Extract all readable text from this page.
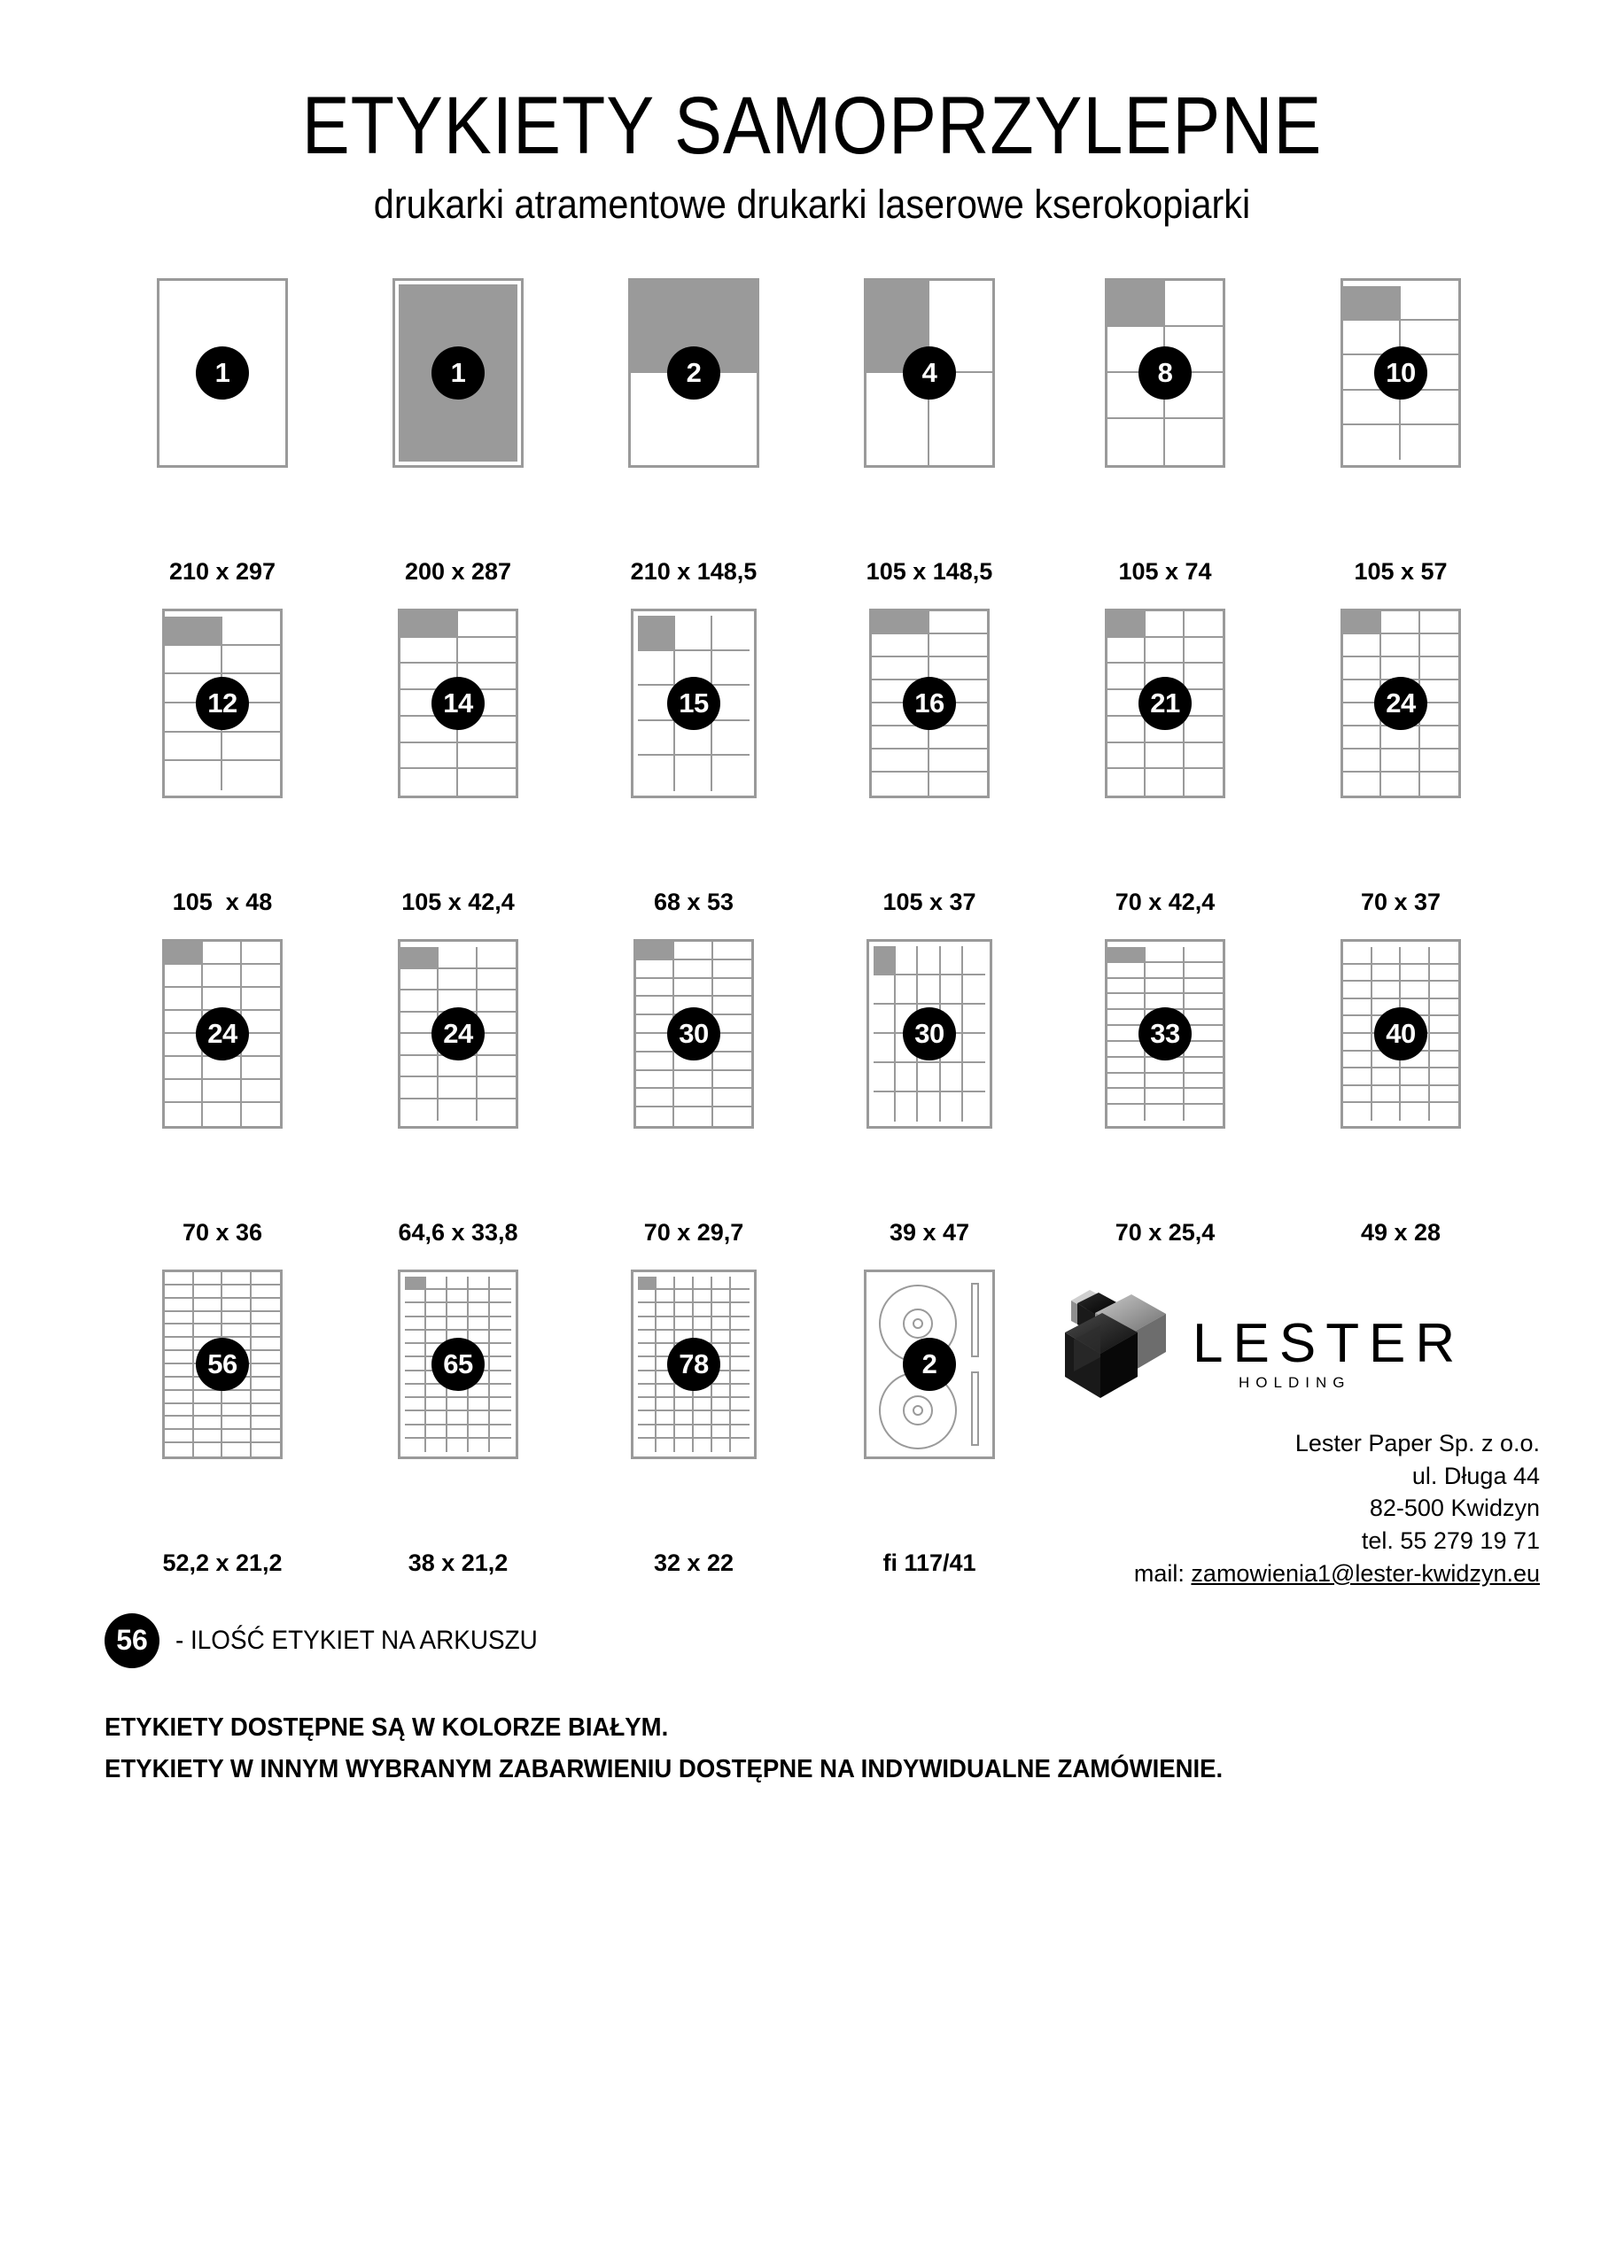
ETYKIETY SAMOPRZYLEPNE
drukarki atramentowe drukarki laserowe kserokopiarki
1
210 x 297
1
200 x 287
2
210 x 148,5
4
105 x 148,5
8
105 x 74
10
105 x 57
12
105  x 48
14
105 x 42,4
15
68 x 53
16
105 x 37
21
70 x 42,4
24
70 x 37
24
70 x 36
24
64,6 x 33,8
30
70 x 29,7
30
39 x 47
33
70 x 25,4
40
49 x 28
56
52,2 x 21,2
65
38 x 21,2
78
32 x 22
2
fi 117/41
LESTER
HOLDING
Lester Paper Sp. z o.o.
ul. Długa 44
82-500 Kwidzyn
tel. 55 279 19 71
mail: zamowienia1@lester-kwidzyn.eu
56	- ILOŚĆ ETYKIET NA ARKUSZU
ETYKIETY DOSTĘPNE SĄ W KOLORZE BIAŁYM.
ETYKIETY W INNYM WYBRANYM ZABARWIENIU DOSTĘPNE NA INDYWIDUALNE ZAMÓWIENIE.
